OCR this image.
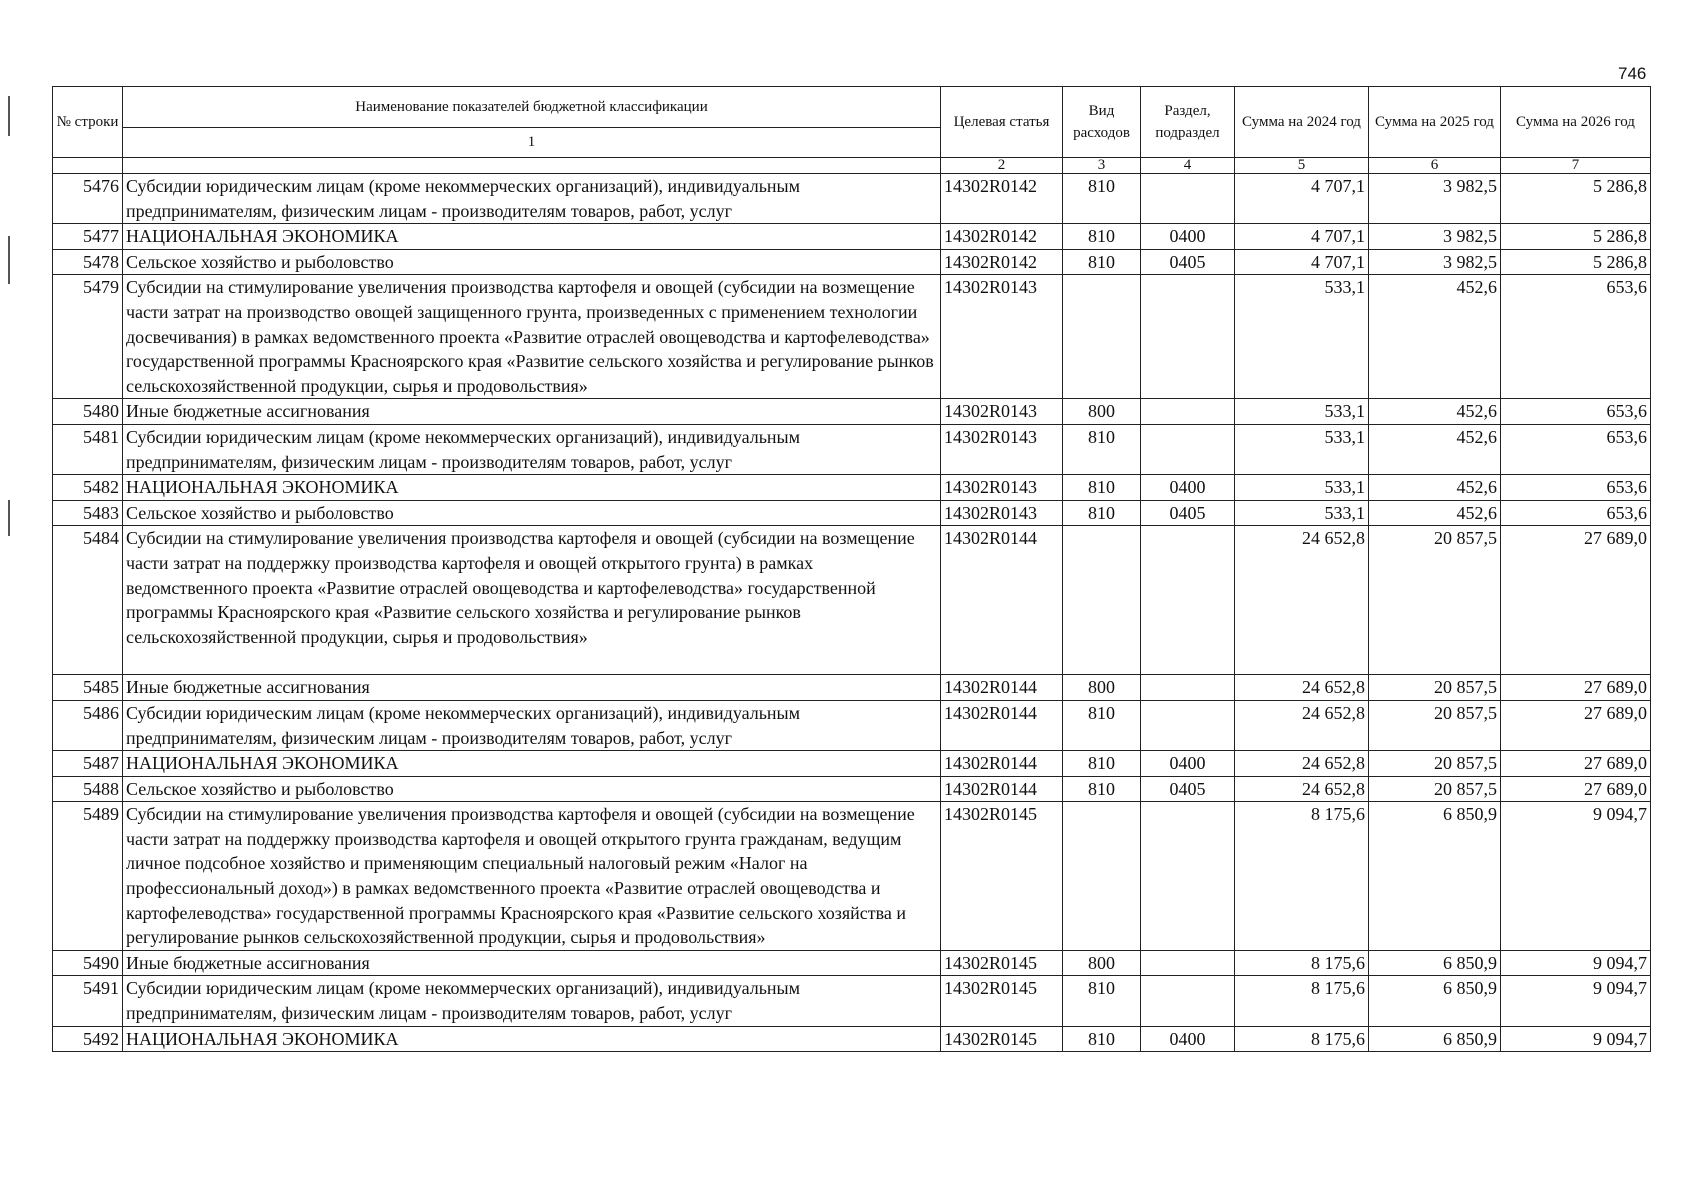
746
№ строки	Наименование показателей бюджетной классификации	Целевая статья	Вид расходов	Раздел, подраздел	Сумма на 2024 год	Сумма на 2025 год	Сумма на 2026 год
	1						
		2	3	4	5	6	7
5476	Субсидии юридическим лицам (кроме некоммерческих организаций), индивидуальным предпринимателям, физическим лицам - производителям товаров, работ, услуг	14302R0142	810		4 707,1	3 982,5	5 286,8
5477	НАЦИОНАЛЬНАЯ ЭКОНОМИКА	14302R0142	810	0400	4 707,1	3 982,5	5 286,8
5478	Сельское хозяйство и рыболовство	14302R0142	810	0405	4 707,1	3 982,5	5 286,8
5479	Субсидии на стимулирование увеличения производства картофеля и овощей (субсидии на возмещение части затрат на производство овощей защищенного грунта, произведенных с применением технологии досвечивания) в рамках ведомственного проекта «Развитие отраслей овощеводства и картофелеводства» государственной программы Красноярского края «Развитие сельского хозяйства и регулирование рынков сельскохозяйственной продукции, сырья и продовольствия»	14302R0143			533,1	452,6	653,6
5480	Иные бюджетные ассигнования	14302R0143	800		533,1	452,6	653,6
5481	Субсидии юридическим лицам (кроме некоммерческих организаций), индивидуальным предпринимателям, физическим лицам - производителям товаров, работ, услуг	14302R0143	810		533,1	452,6	653,6
5482	НАЦИОНАЛЬНАЯ ЭКОНОМИКА	14302R0143	810	0400	533,1	452,6	653,6
5483	Сельское хозяйство и рыболовство	14302R0143	810	0405	533,1	452,6	653,6
5484	Субсидии на стимулирование увеличения производства картофеля и овощей (субсидии на возмещение части затрат на поддержку производства картофеля и овощей открытого грунта) в рамках ведомственного проекта «Развитие отраслей овощеводства и картофелеводства» государственной программы Красноярского края «Развитие сельского хозяйства и регулирование рынков сельскохозяйственной продукции, сырья и продовольствия»	14302R0144			24 652,8	20 857,5	27 689,0
5485	Иные бюджетные ассигнования	14302R0144	800		24 652,8	20 857,5	27 689,0
5486	Субсидии юридическим лицам (кроме некоммерческих организаций), индивидуальным предпринимателям, физическим лицам - производителям товаров, работ, услуг	14302R0144	810		24 652,8	20 857,5	27 689,0
5487	НАЦИОНАЛЬНАЯ ЭКОНОМИКА	14302R0144	810	0400	24 652,8	20 857,5	27 689,0
5488	Сельское хозяйство и рыболовство	14302R0144	810	0405	24 652,8	20 857,5	27 689,0
5489	Субсидии на стимулирование увеличения производства картофеля и овощей (субсидии на возмещение части затрат на поддержку производства картофеля и овощей открытого грунта гражданам, ведущим личное подсобное хозяйство и применяющим специальный налоговый режим «Налог на профессиональный доход») в рамках ведомственного проекта «Развитие отраслей овощеводства и картофелеводства» государственной программы Красноярского края «Развитие сельского хозяйства и регулирование рынков сельскохозяйственной продукции, сырья и продовольствия»	14302R0145			8 175,6	6 850,9	9 094,7
5490	Иные бюджетные ассигнования	14302R0145	800		8 175,6	6 850,9	9 094,7
5491	Субсидии юридическим лицам (кроме некоммерческих организаций), индивидуальным предпринимателям, физическим лицам - производителям товаров, работ, услуг	14302R0145	810		8 175,6	6 850,9	9 094,7
5492	НАЦИОНАЛЬНАЯ ЭКОНОМИКА	14302R0145	810	0400	8 175,6	6 850,9	9 094,7
